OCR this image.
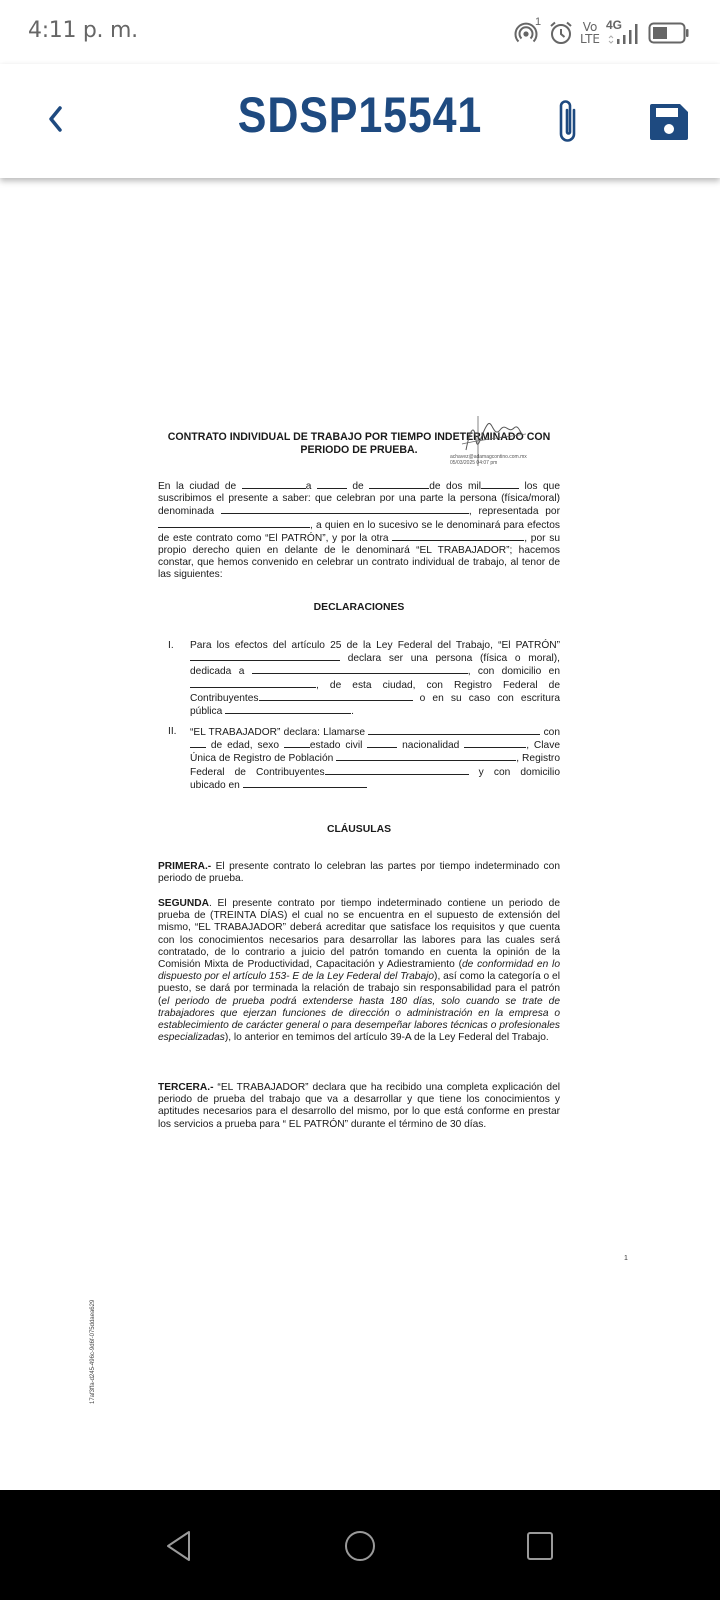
4:11 p. m.	1	Vo
LTE
4G
SDSP15541
CONTRATO INDIVIDUAL DE TRABAJO POR TIEMPO INDETERMINADO CON PERIODO DE PRUEBA.
achavez@adamagcontino.com.mx
05/03/2025 04:07 pm
En la ciudad de	a	de	de dos mil	los que suscribimos el presente a saber: que celebran por una parte la persona (física/moral) denominada	, representada por , a quien en lo sucesivo se le denominará para efectos de este contrato como “El PATRÓN”, y por la otra	, por su propio derecho quien en delante de le denominará “EL TRABAJADOR”; hacemos constar, que hemos convenido en celebrar un contrato individual de trabajo, al tenor de las siguientes:
DECLARACIONES
I.	Para los efectos del artículo 25 de la Ley Federal del Trabajo, “El PATRÓN”  declara ser una persona (física o moral), dedicada a	, con domicilio en, de esta ciudad, con Registro Federal de Contribuyentes	o en su caso con escritura pública	.
II.	“EL TRABAJADOR” declara: Llamarse	con  de edad, sexo	estado civil	nacionalidad	, Clave Única de Registro de Población	, Registro Federal de Contribuyentes	y con domicilio ubicado en
CLÁUSULAS
PRIMERA.- El presente contrato lo celebran las partes por tiempo indeterminado con periodo de prueba.
SEGUNDA. El presente contrato por tiempo indeterminado contiene un periodo de prueba de (TREINTA DÍAS) el cual no se encuentra en el supuesto de extensión del mismo, “EL TRABAJADOR” deberá acreditar que satisface los requisitos y que cuenta con los conocimientos necesarios para desarrollar las labores para las cuales será contratado, de lo contrario a juicio del patrón tomando en cuenta la opinión de la Comisión Mixta de Productividad, Capacitación y Adiestramiento (de conformidad en lo dispuesto por el artículo 153- E de la Ley Federal del Trabajo), así como la categoría o el puesto, se dará por terminada la relación de trabajo sin responsabilidad para el patrón (el periodo de prueba podrá extenderse hasta 180 días, solo cuando se trate de trabajadores que ejerzan funciones de dirección o administración en la empresa o establecimiento de carácter general o para desempeñar labores técnicas o profesionales especializadas), lo anterior en temimos del artículo 39-A de la Ley Federal del Trabajo.
TERCERA.- “EL TRABAJADOR” declara que ha recibido una completa explicación del periodo de prueba del trabajo que va a desarrollar y que tiene los conocimientos y aptitudes necesarios para el desarrollo del mismo, por lo que está conforme en prestar los servicios a prueba para “ EL PATRÓN” durante el término de 30 días.
17af3ffa-d245-496c-9d6f-075ddaea629
1
